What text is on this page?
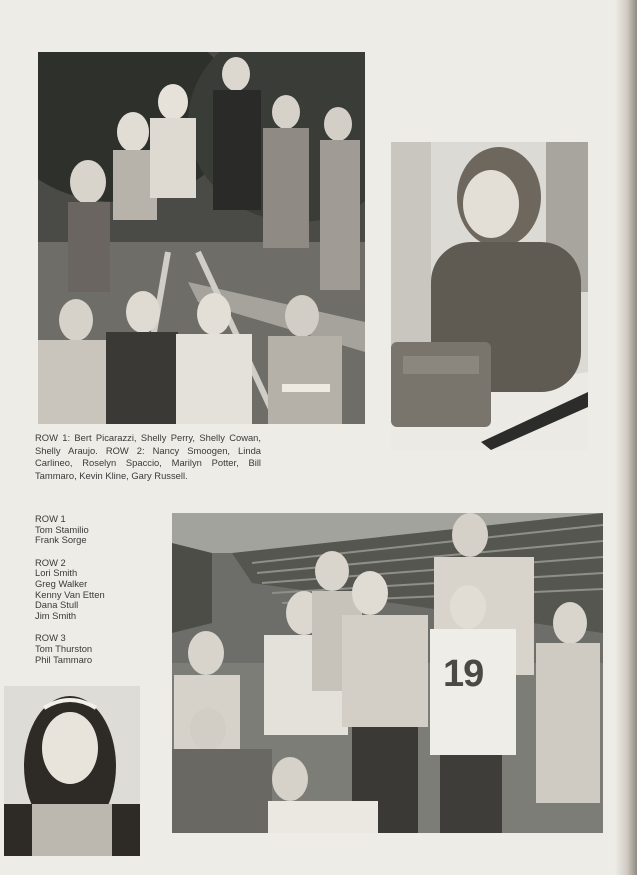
ROW 1: Bert Picarazzi, Shelly Perry, Shelly Cowan, Shelly Araujo. ROW 2: Nancy Smoogen, Linda Carlineo, Roselyn Spaccio, Marilyn Potter, Bill Tammaro, Kevin Kline, Gary Russell.
ROW 1
Tom Stamilio
Frank Sorge
ROW 2
Lori Smith
Greg Walker
Kenny Van Etten
Dana Stull
Jim Smith
ROW 3
Tom Thurston
Phil Tammaro	19
